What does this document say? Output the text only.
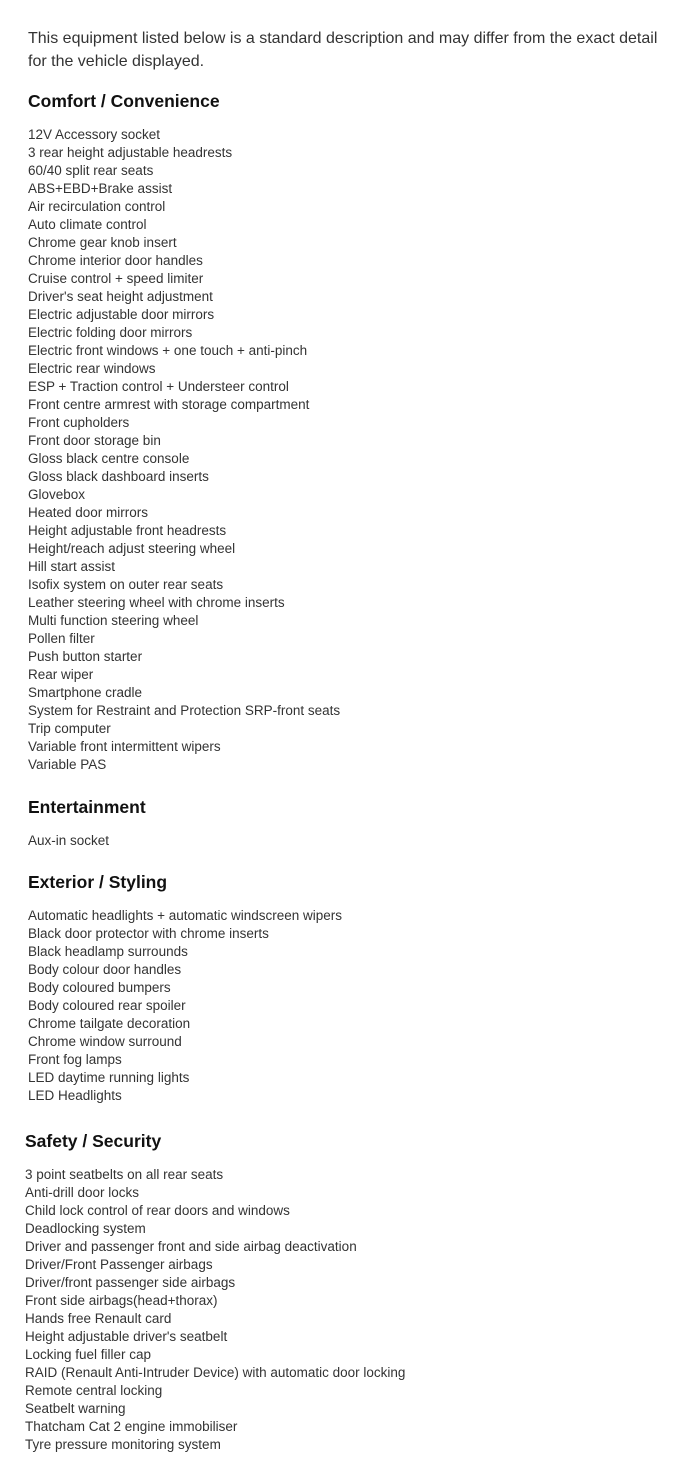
This equipment listed below is a standard description and may differ from the exact detail for the vehicle displayed.

Comfort / Convenience
12V Accessory socket
3 rear height adjustable headrests
60/40 split rear seats
ABS+EBD+Brake assist
Air recirculation control
Auto climate control
Chrome gear knob insert
Chrome interior door handles
Cruise control + speed limiter
Driver's seat height adjustment
Electric adjustable door mirrors
Electric folding door mirrors
Electric front windows + one touch + anti-pinch
Electric rear windows
ESP + Traction control + Understeer control
Front centre armrest with storage compartment
Front cupholders
Front door storage bin
Gloss black centre console
Gloss black dashboard inserts
Glovebox
Heated door mirrors
Height adjustable front headrests
Height/reach adjust steering wheel
Hill start assist
Isofix system on outer rear seats
Leather steering wheel with chrome inserts
Multi function steering wheel
Pollen filter
Push button starter
Rear wiper
Smartphone cradle
System for Restraint and Protection SRP-front seats
Trip computer
Variable front intermittent wipers
Variable PAS
Entertainment
Aux-in socket
Exterior / Styling
Automatic headlights + automatic windscreen wipers
Black door protector with chrome inserts
Black headlamp surrounds
Body colour door handles
Body coloured bumpers
Body coloured rear spoiler
Chrome tailgate decoration
Chrome window surround
Front fog lamps
LED daytime running lights
LED Headlights
Safety / Security
3 point seatbelts on all rear seats
Anti-drill door locks
Child lock control of rear doors and windows
Deadlocking system
Driver and passenger front and side airbag deactivation
Driver/Front Passenger airbags
Driver/front passenger side airbags
Front side airbags(head+thorax)
Hands free Renault card
Height adjustable driver's seatbelt
Locking fuel filler cap
RAID (Renault Anti-Intruder Device) with automatic door locking
Remote central locking
Seatbelt warning
Thatcham Cat 2 engine immobiliser
Tyre pressure monitoring system
